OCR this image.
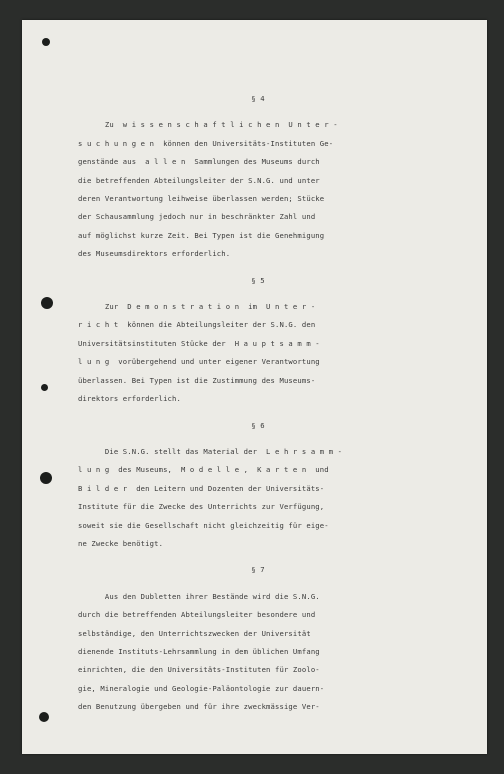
§ 4

Zu  w i s s e n s c h a f t l i c h e n  U n t e r -

s u c h u n g e n  können den Universitäts-Instituten Ge-

genstände aus  a l l e n  Sammlungen des Museums durch

die betreffenden Abteilungsleiter der S.N.G. und unter

deren Verantwortung leihweise überlassen werden; Stücke

der Schausammlung jedoch nur in beschränkter Zahl und

auf möglichst kurze Zeit. Bei Typen ist die Genehmigung

des Museumsdirektors erforderlich.

§ 5

Zur  D e m o n s t r a t i o n  im  U n t e r -

r i c h t  können die Abteilungsleiter der S.N.G. den

Universitätsinstituten Stücke der  H a u p t s a m m -

l u n g  vorübergehend und unter eigener Verantwortung

überlassen. Bei Typen ist die Zustimmung des Museums-

direktors erforderlich.

§ 6

Die S.N.G. stellt das Material der  L e h r s a m m -

l u n g  des Museums,  M o d e l l e ,  K a r t e n  und

B i l d e r  den Leitern und Dozenten der Universitäts-

Institute für die Zwecke des Unterrichts zur Verfügung,

soweit sie die Gesellschaft nicht gleichzeitig für eige-

ne Zwecke benötigt.

§ 7

Aus den Dubletten ihrer Bestände wird die S.N.G.

durch die betreffenden Abteilungsleiter besondere und

selbständige, den Unterrichtszwecken der Universität

dienende Instituts-Lehrsammlung in dem üblichen Umfang

einrichten, die den Universitäts-Instituten für Zoolo-

gie, Mineralogie und Geologie-Paläontologie zur dauern-

den Benutzung übergeben und für ihre zweckmässige Ver-
